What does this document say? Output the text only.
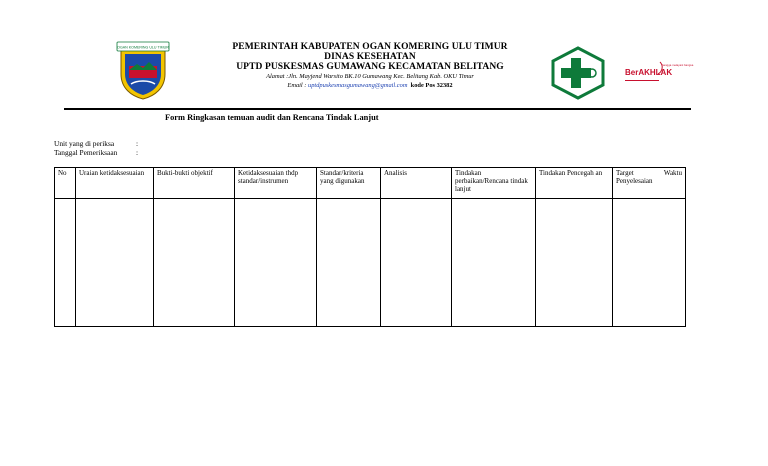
OGAN KOMERING ULU TIMUR	PEMERINTAH KABUPATEN OGAN KOMERING ULU TIMUR
DINAS KESEHATAN
UPTD PUSKESMAS GUMAWANG KECAMATAN BELITANG
Alamat :Jln. Mayjend Warsito BK.10 Gumawang Kec. Belitang Kab. OKU Timur
Email : uptdpuskesmasgumawang@gmail.com kode Pos 32382
BerAKHLAK
bangga melayani bangsa
Form Ringkasan temuan audit dan Rencana Tindak Lanjut
Unit yang di periksa	:
Tanggal Pemeriksaan	:
No	Uraian ketidaksesuaian	Bukti-bukti objektif	Ketidaksesuaian thdp standar/instrumen	Standar/kriteria yang digunakan	Analisis	Tindakan perbaikan/Rencana tindak lanjut	Tindakan Pencegah an	Target Waktu Penyelesaian
